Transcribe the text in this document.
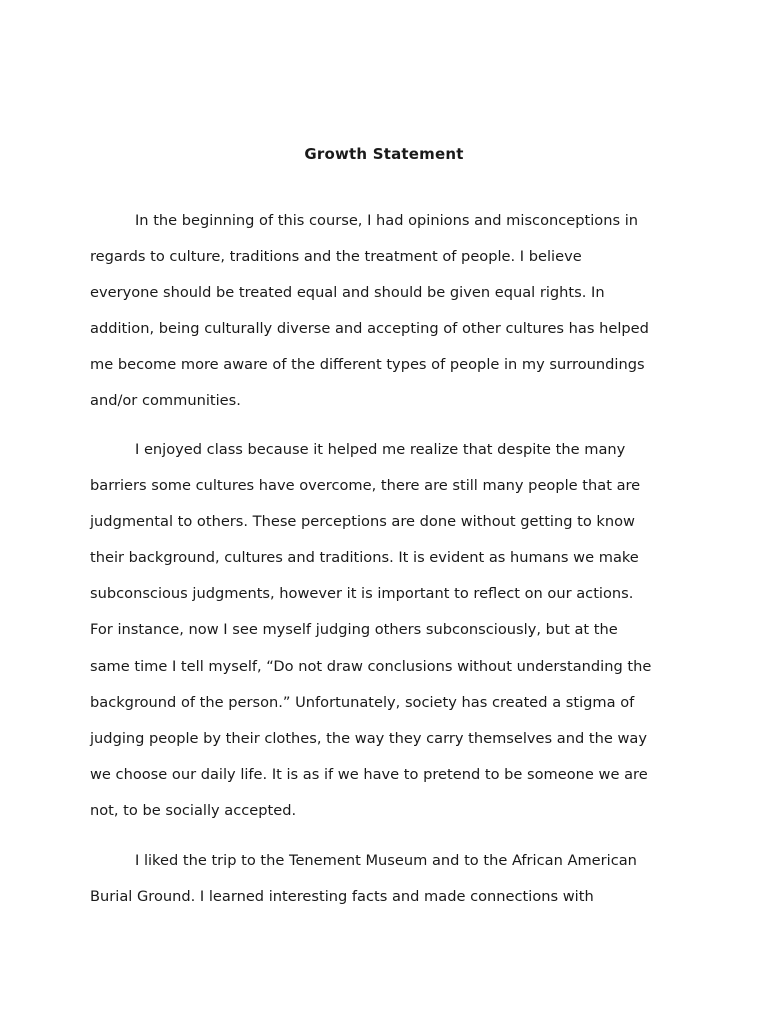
Growth Statement
In the beginning of this course, I had opinions and misconceptions in
regards to culture, traditions and the treatment of people. I believe
everyone should be treated equal and should be given equal rights. In
addition, being culturally diverse and accepting of other cultures has helped
me become more aware of the different types of people in my surroundings
and/or communities.
I enjoyed class because it helped me realize that despite the many
barriers some cultures have overcome, there are still many people that are
judgmental to others. These perceptions are done without getting to know
their background, cultures and traditions. It is evident as humans we make
subconscious judgments, however it is important to reflect on our actions.
For instance, now I see myself judging others subconsciously, but at the
same time I tell myself, “Do not draw conclusions without understanding the
background of the person.” Unfortunately, society has created a stigma of
judging people by their clothes, the way they carry themselves and the way
we choose our daily life. It is as if we have to pretend to be someone we are
not, to be socially accepted.
I liked the trip to the Tenement Museum and to the African American
Burial Ground. I learned interesting facts and made connections with
